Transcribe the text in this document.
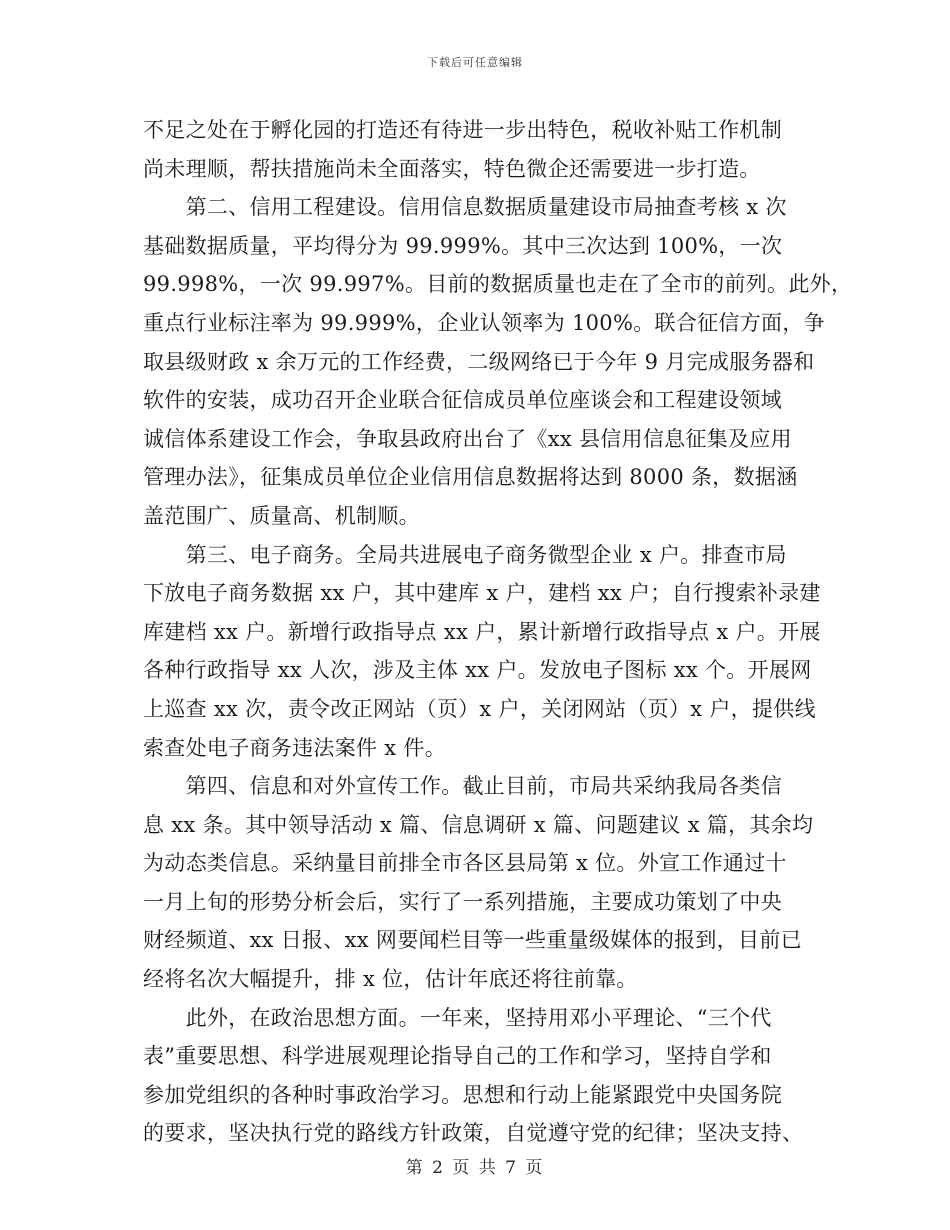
下载后可任意编辑
不足之处在于孵化园的打造还有待进一步出特色，税收补贴工作机制
尚未理顺，帮扶措施尚未全面落实，特色微企还需要进一步打造。
　　第二、信用工程建设。信用信息数据质量建设市局抽查考核 x 次
基础数据质量，平均得分为 99.999%。其中三次达到 100%，一次
99.998%，一次 99.997%。目前的数据质量也走在了全市的前列。此外，
重点行业标注率为 99.999%，企业认领率为 100%。联合征信方面，争
取县级财政 x 余万元的工作经费，二级网络已于今年 9 月完成服务器和
软件的安装，成功召开企业联合征信成员单位座谈会和工程建设领域
诚信体系建设工作会，争取县政府出台了《xx 县信用信息征集及应用
管理办法》，征集成员单位企业信用信息数据将达到 8000 条，数据涵
盖范围广、质量高、机制顺。
　　第三、电子商务。全局共进展电子商务微型企业 x 户。排查市局
下放电子商务数据 xx 户，其中建库 x 户，建档 xx 户；自行搜索补录建
库建档 xx 户。新增行政指导点 xx 户，累计新增行政指导点 x 户。开展
各种行政指导 xx 人次，涉及主体 xx 户。发放电子图标 xx 个。开展网
上巡查 xx 次，责令改正网站（页）x 户，关闭网站（页）x 户，提供线
索查处电子商务违法案件 x 件。
　　第四、信息和对外宣传工作。截止目前，市局共采纳我局各类信
息 xx 条。其中领导活动 x 篇、信息调研 x 篇、问题建议 x 篇，其余均
为动态类信息。采纳量目前排全市各区县局第 x 位。外宣工作通过十
一月上旬的形势分析会后，实行了一系列措施，主要成功策划了中央
财经频道、xx 日报、xx 网要闻栏目等一些重量级媒体的报到，目前已
经将名次大幅提升，排 x 位，估计年底还将往前靠。
　　此外，在政治思想方面。一年来，坚持用邓小平理论、“三个代
表”重要思想、科学进展观理论指导自己的工作和学习，坚持自学和
参加党组织的各种时事政治学习。思想和行动上能紧跟党中央国务院
的要求，坚决执行党的路线方针政策，自觉遵守党的纪律；坚决支持、
第 2 页 共 7 页
